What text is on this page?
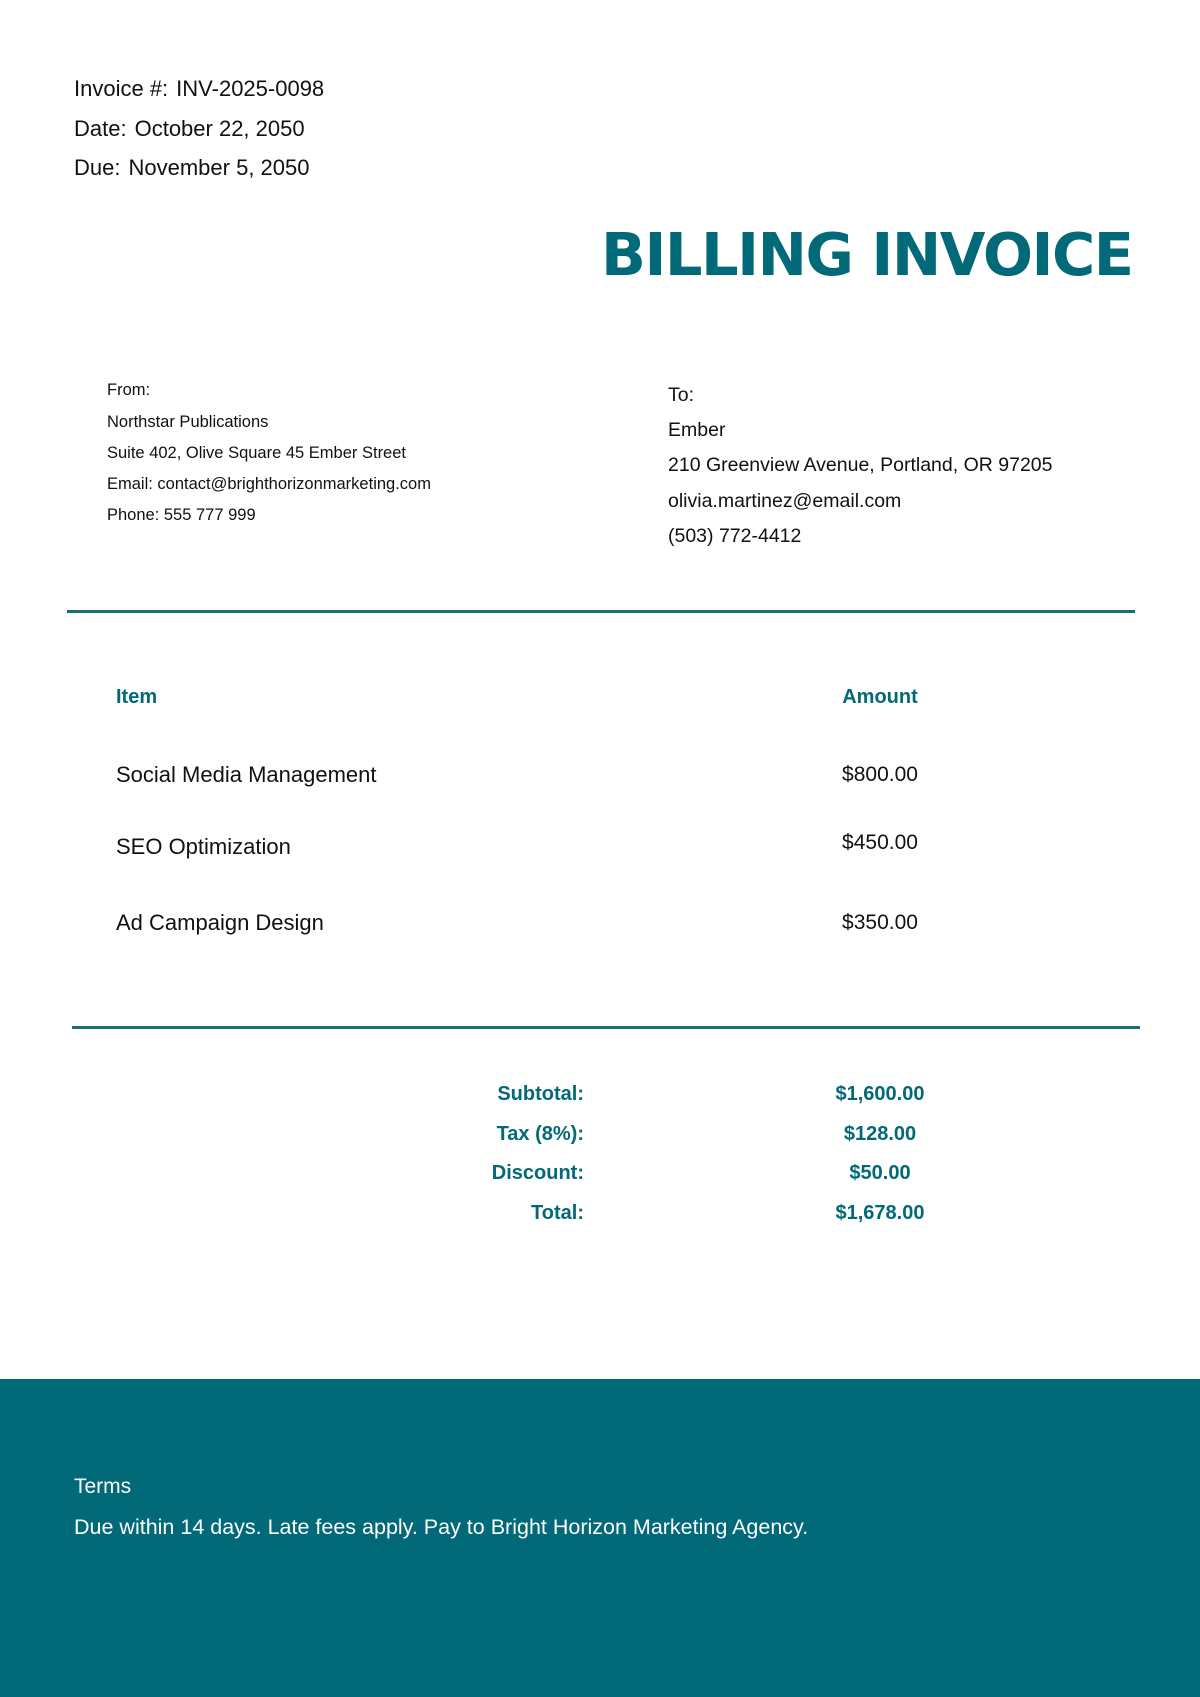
Invoice #: INV-2025-0098
Date: October 22, 2050
Due: November 5, 2050
BILLING INVOICE
From:
Northstar Publications
Suite 402, Olive Square 45 Ember Street
Email: contact@brighthorizonmarketing.com
Phone: 555 777 999
To:
Ember
210 Greenview Avenue, Portland, OR 97205
olivia.martinez@email.com
(503) 772-4412
Item	Amount
Social Media Management	$800.00
SEO Optimization	$450.00
Ad Campaign Design	$350.00
Subtotal:	$1,600.00
Tax (8%):	$128.00
Discount:	$50.00
Total:	$1,678.00
Terms
Due within 14 days. Late fees apply. Pay to Bright Horizon Marketing Agency.
